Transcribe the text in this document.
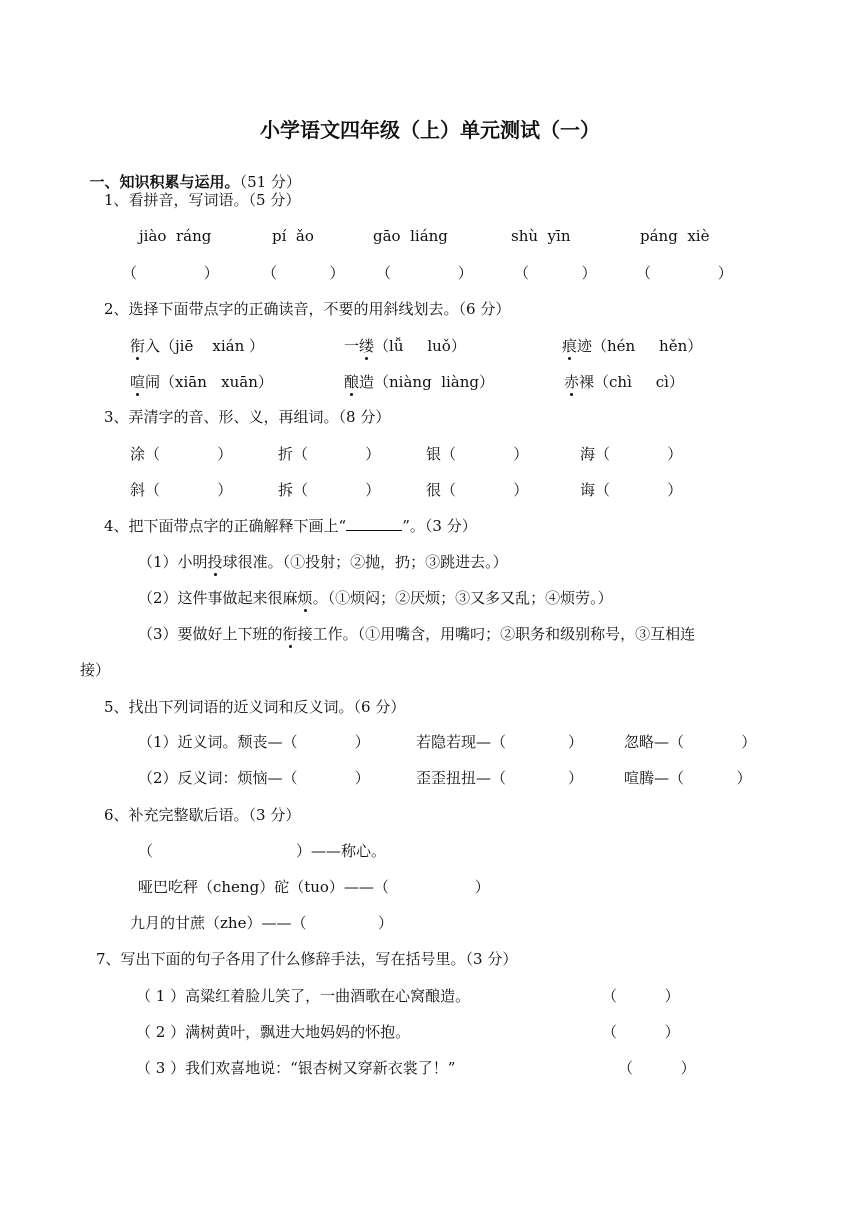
小学语文四年级（上）单元测试（一）

一、知识积累与运用。（51 分）

1、看拼音，写词语。（5 分）
jiào  ráng	pí  ǎo	gāo  liáng	shù  yīn	páng  xiè
（              ）	（           ） （              ）	（           ）	（              ）
2、选择下面带点字的正确读音，不要的用斜线划去。（6 分）
衔入（jiē    xián ）	一缕（lǚ     luǒ）	痕迹（hén     hěn）
喧闹（xiān   xuān）	酿造（niàng  liàng）	赤裸（chì     cì）
3、弄清字的音、形、义，再组词。（8 分）
涂（            ）	折（            ）	银（            ）	海（            ）
斜（            ）	拆（            ）	很（            ）	诲（            ）
4、把下面带点字的正确解释下画上“	”。（3 分）
（1）小明投球很准。（①投射；②抛，扔；③跳进去。）
（2）这件事做起来很麻烦。（①烦闷；②厌烦；③又多又乱；④烦劳。）
（3）要做好上下班的衔接工作。（①用嘴含，用嘴叼；②职务和级别称号，③互相连
接）
5、找出下列词语的近义词和反义词。（6 分）
（1）近义词。颓丧—（            ）	若隐若现—（             ）	忽略—（            ）
（2）反义词：烦恼—（            ）	歪歪扭扭—（             ）	喧腾—（           ）
6、补充完整歇后语。（3 分）
（                              ）——称心。
哑巴吃秤（cheng）砣（tuo）——（                  ）
九月的甘蔗（zhe）——（               ）
7、写出下面的句子各用了什么修辞手法，写在括号里。（3 分）
（ 1 ）高粱红着脸儿笑了，一曲酒歌在心窝酿造。	（          ）
（ 2 ）满树黄叶，飘进大地妈妈的怀抱。	（          ）
（ 3 ）我们欢喜地说：“银杏树又穿新衣裳了！”	（          ）
